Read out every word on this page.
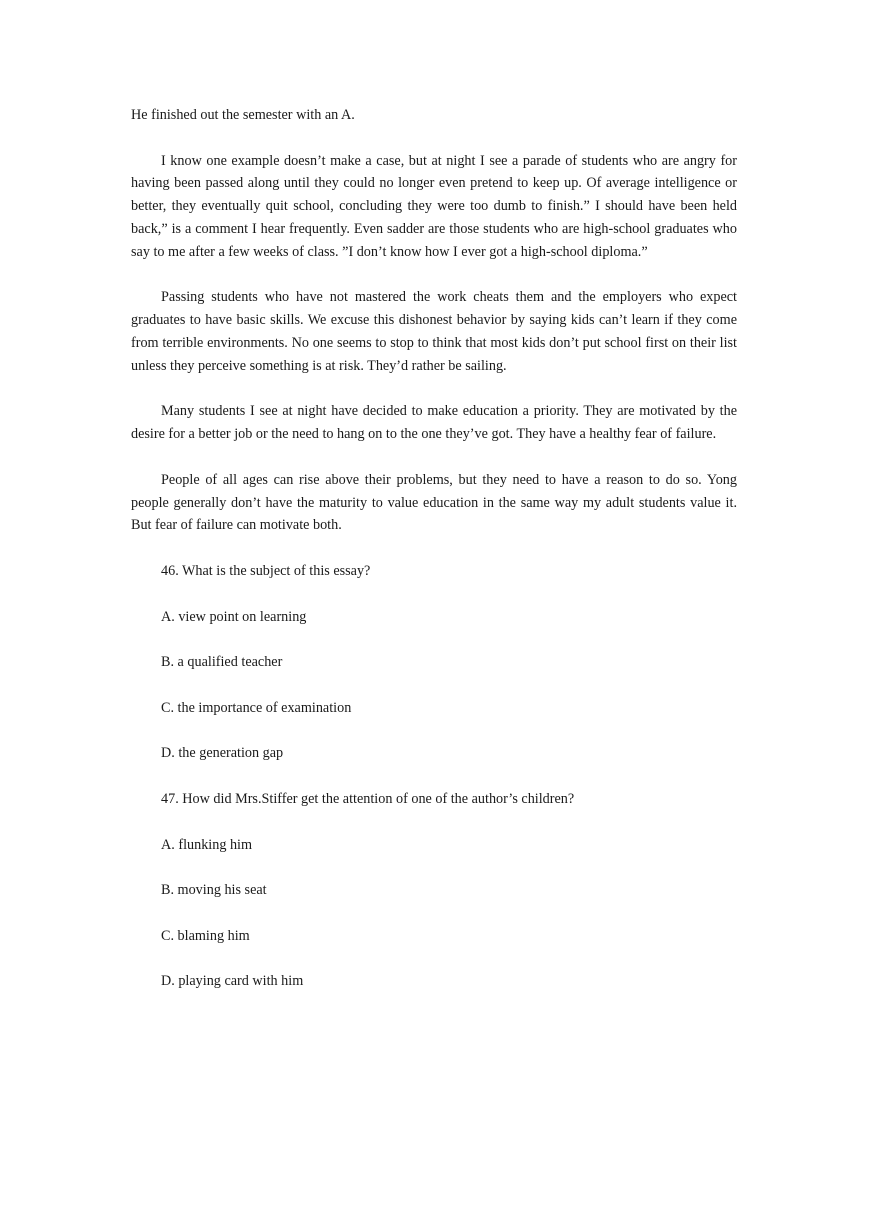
He finished out the semester with an A.

I know one example doesn’t make a case, but at night I see a parade of students who are angry for having been passed along until they could no longer even pretend to keep up. Of average intelligence or better, they eventually quit school, concluding they were too dumb to finish.” I should have been held back,” is a comment I hear frequently. Even sadder are those students who are high-school graduates who say to me after a few weeks of class. ”I don’t know how I ever got a high-school diploma.”

Passing students who have not mastered the work cheats them and the employers who expect graduates to have basic skills. We excuse this dishonest behavior by saying kids can’t learn if they come from terrible environments. No one seems to stop to think that most kids don’t put school first on their list unless they perceive something is at risk. They’d rather be sailing.

Many students I see at night have decided to make education a priority. They are motivated by the desire for a better job or the need to hang on to the one they’ve got. They have a healthy fear of failure.

People of all ages can rise above their problems, but they need to have a reason to do so. Yong people generally don’t have the maturity to value education in the same way my adult students value it. But fear of failure can motivate both.

46. What is the subject of this essay?

A. view point on learning

B. a qualified teacher

C. the importance of examination

D. the generation gap

47. How did Mrs.Stiffer get the attention of one of the author’s children?

A. flunking him

B. moving his seat

C. blaming him

D. playing card with him
